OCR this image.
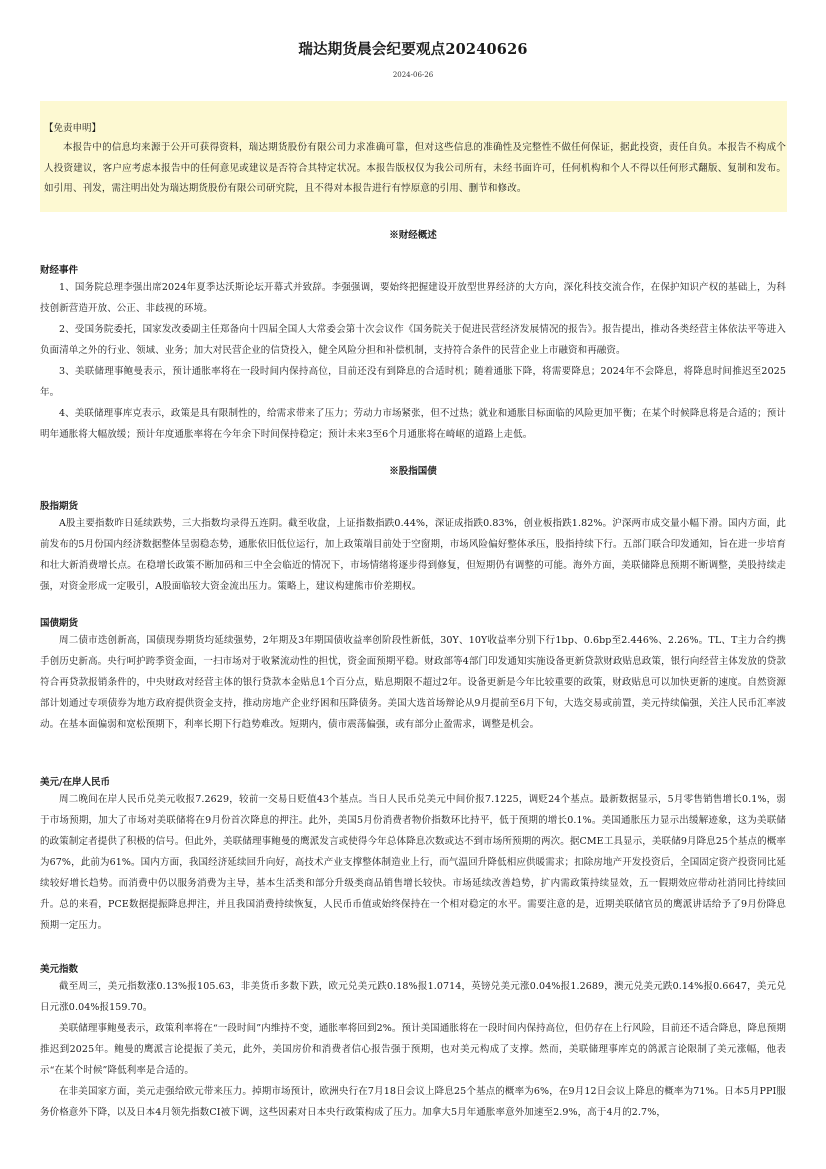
瑞达期货晨会纪要观点20240626
2024-06-26
【免责申明】
本报告中的信息均来源于公开可获得资料，瑞达期货股份有限公司力求准确可靠，但对这些信息的准确性及完整性不做任何保证，据此投资，责任自负。本报告不构成个人投资建议，客户应考虑本报告中的任何意见或建议是否符合其特定状况。本报告版权仅为我公司所有，未经书面许可，任何机构和个人不得以任何形式翻版、复制和发布。如引用、刊发，需注明出处为瑞达期货股份有限公司研究院，且不得对本报告进行有悖原意的引用、删节和修改。
※财经概述
财经事件
1、国务院总理李强出席2024年夏季达沃斯论坛开幕式并致辞。李强强调，要始终把握建设开放型世界经济的大方向，深化科技交流合作，在保护知识产权的基础上，为科技创新营造开放、公正、非歧视的环境。
2、受国务院委托，国家发改委副主任郑备向十四届全国人大常委会第十次会议作《国务院关于促进民营经济发展情况的报告》。报告提出，推动各类经营主体依法平等进入负面清单之外的行业、领域、业务；加大对民营企业的信贷投入，健全风险分担和补偿机制，支持符合条件的民营企业上市融资和再融资。
3、美联储理事鲍曼表示，预计通胀率将在一段时间内保持高位，目前还没有到降息的合适时机；随着通胀下降，将需要降息；2024年不会降息，将降息时间推迟至2025年。
4、美联储理事库克表示，政策是具有限制性的，给需求带来了压力；劳动力市场紧张，但不过热；就业和通胀目标面临的风险更加平衡；在某个时候降息将是合适的；预计明年通胀将大幅放缓；预计年度通胀率将在今年余下时间保持稳定；预计未来3至6个月通胀将在崎岖的道路上走低。
※股指国债
股指期货
A股主要指数昨日延续跌势，三大指数均录得五连阴。截至收盘，上证指数指跌0.44%，深证成指跌0.83%，创业板指跌1.82%。沪深两市成交量小幅下滑。国内方面，此前发布的5月份国内经济数据整体呈弱稳态势，通胀依旧低位运行，加上政策端目前处于空窗期，市场风险偏好整体承压，股指持续下行。五部门联合印发通知，旨在进一步培育和壮大新消费增长点。在稳增长政策不断加码和三中全会临近的情况下，市场情绪将逐步得到修复，但短期仍有调整的可能。海外方面，美联储降息预期不断调整，美股持续走强，对资金形成一定吸引，A股面临较大资金流出压力。策略上，建议构建熊市价差期权。
国债期货
周二债市迭创新高，国债现券期货均延续强势，2年期及3年期国债收益率创阶段性新低，30Y、10Y收益率分别下行1bp、0.6bp至2.446%、2.26%。TL、T主力合约携手创历史新高。央行呵护跨季资金面，一扫市场对于收紧流动性的担忧，资金面预期平稳。财政部等4部门印发通知实施设备更新贷款财政贴息政策，银行向经营主体发放的贷款符合再贷款报销条件的，中央财政对经营主体的银行贷款本金贴息1个百分点，贴息期限不超过2年。设备更新是今年比较重要的政策，财政贴息可以加快更新的速度。自然资源部计划通过专项债券为地方政府提供资金支持，推动房地产企业纾困和压降债务。美国大选首场辩论从9月提前至6月下旬，大选交易或前置，美元持续偏强，关注人民币汇率波动。在基本面偏弱和宽松预期下，利率长期下行趋势难改。短期内，债市震荡偏强，或有部分止盈需求，调整是机会。
美元/在岸人民币
周二晚间在岸人民币兑美元收报7.2629，较前一交易日贬值43个基点。当日人民币兑美元中间价报7.1225，调贬24个基点。最新数据显示，5月零售销售增长0.1%，弱于市场预期，加大了市场对美联储将在9月份首次降息的押注。此外，美国5月份消费者物价指数环比持平，低于预期的增长0.1%。美国通胀压力显示出缓解迹象，这为美联储的政策制定者提供了积极的信号。但此外，美联储理事鲍曼的鹰派发言或使得今年总体降息次数或达不到市场所预期的两次。据CME工具显示，美联储9月降息25个基点的概率为67%，此前为61%。国内方面，我国经济延续回升向好，高技术产业支撑整体制造业上行，而气温回升降低相应供暖需求；扣除房地产开发投资后，全国固定资产投资同比延续较好增长趋势。而消费中仍以服务消费为主导，基本生活类和部分升级类商品销售增长较快。市场延续改善趋势，扩内需政策持续显效，五一假期效应带动社消同比持续回升。总的来看，PCE数据提振降息押注，并且我国消费持续恢复，人民币币值或始终保持在一个相对稳定的水平。需要注意的是，近期美联储官员的鹰派讲话给予了9月份降息预期一定压力。
美元指数
截至周三，美元指数涨0.13%报105.63，非美货币多数下跌，欧元兑美元跌0.18%报1.0714，英镑兑美元涨0.04%报1.2689，澳元兑美元跌0.14%报0.6647，美元兑日元涨0.04%报159.70。
美联储理事鲍曼表示，政策利率将在“一段时间”内维持不变，通胀率将回到2%。预计美国通胀将在一段时间内保持高位，但仍存在上行风险，目前还不适合降息，降息预期推迟到2025年。鲍曼的鹰派言论提振了美元，此外，美国房价和消费者信心报告强于预期，也对美元构成了支撑。然而，美联储理事库克的鸽派言论限制了美元涨幅，他表示“在某个时候”降低利率是合适的。
在非美国家方面，美元走强给欧元带来压力。掉期市场预计，欧洲央行在7月18日会议上降息25个基点的概率为6%，在9月12日会议上降息的概率为71%。日本5月PPI服务价格意外下降，以及日本4月领先指数CI被下调，这些因素对日本央行政策构成了压力。加拿大5月年通胀率意外加速至2.9%，高于4月的2.7%，
